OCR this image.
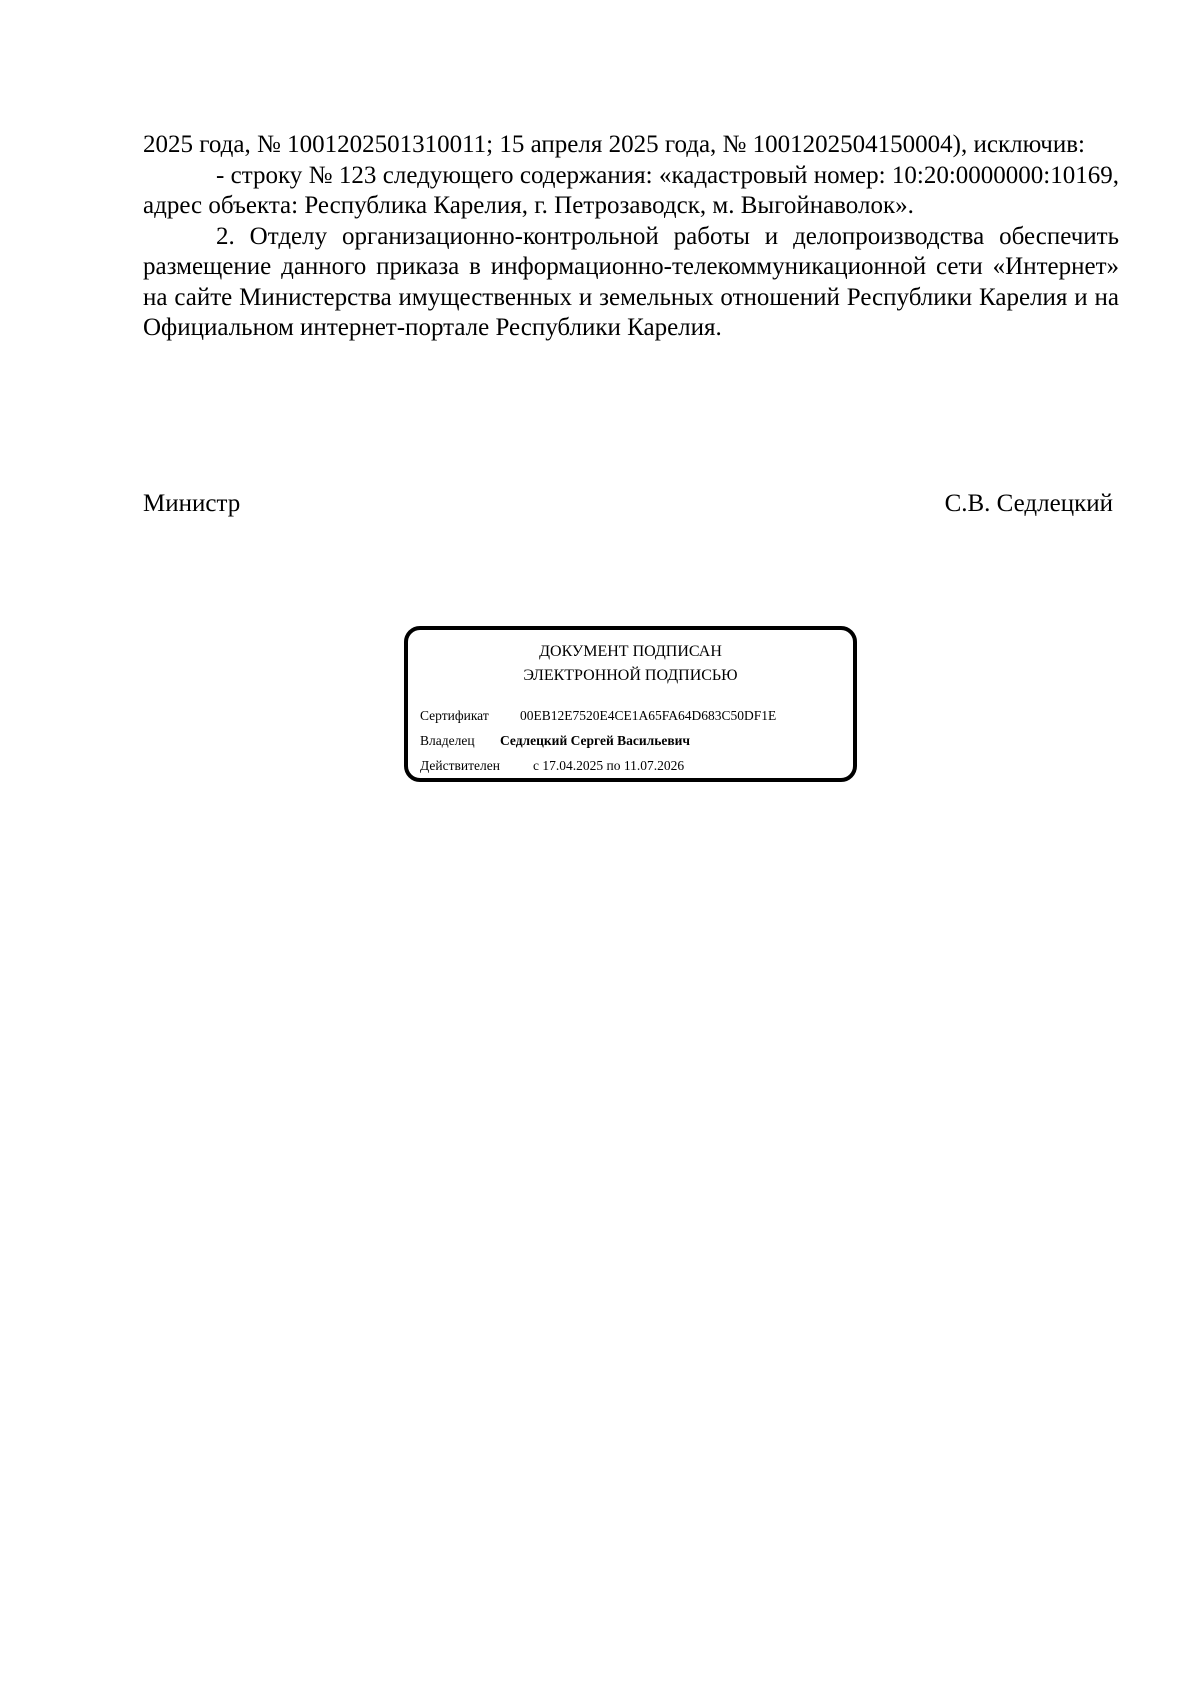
2025 года, № 1001202501310011; 15 апреля 2025 года, № 1001202504150004), исключив:

- строку № 123 следующего содержания: «кадастровый номер: 10:20:0000000:10169, адрес объекта: Республика Карелия, г. Петрозаводск, м. Выгойнаволок».

2. Отделу организационно-контрольной работы и делопроизводства обеспечить размещение данного приказа в информационно-телекоммуникационной сети «Интернет» на сайте Министерства имущественных и земельных отношений Республики Карелия и на Официальном интернет-портале Республики Карелия.

Министр	С.В. Седлецкий
ДОКУМЕНТ ПОДПИСАН
ЭЛЕКТРОННОЙ ПОДПИСЬЮ
Сертификат 00EB12E7520E4CE1A65FA64D683C50DF1E
Владелец Седлецкий Сергей Васильевич
Действителен с 17.04.2025 по 11.07.2026
